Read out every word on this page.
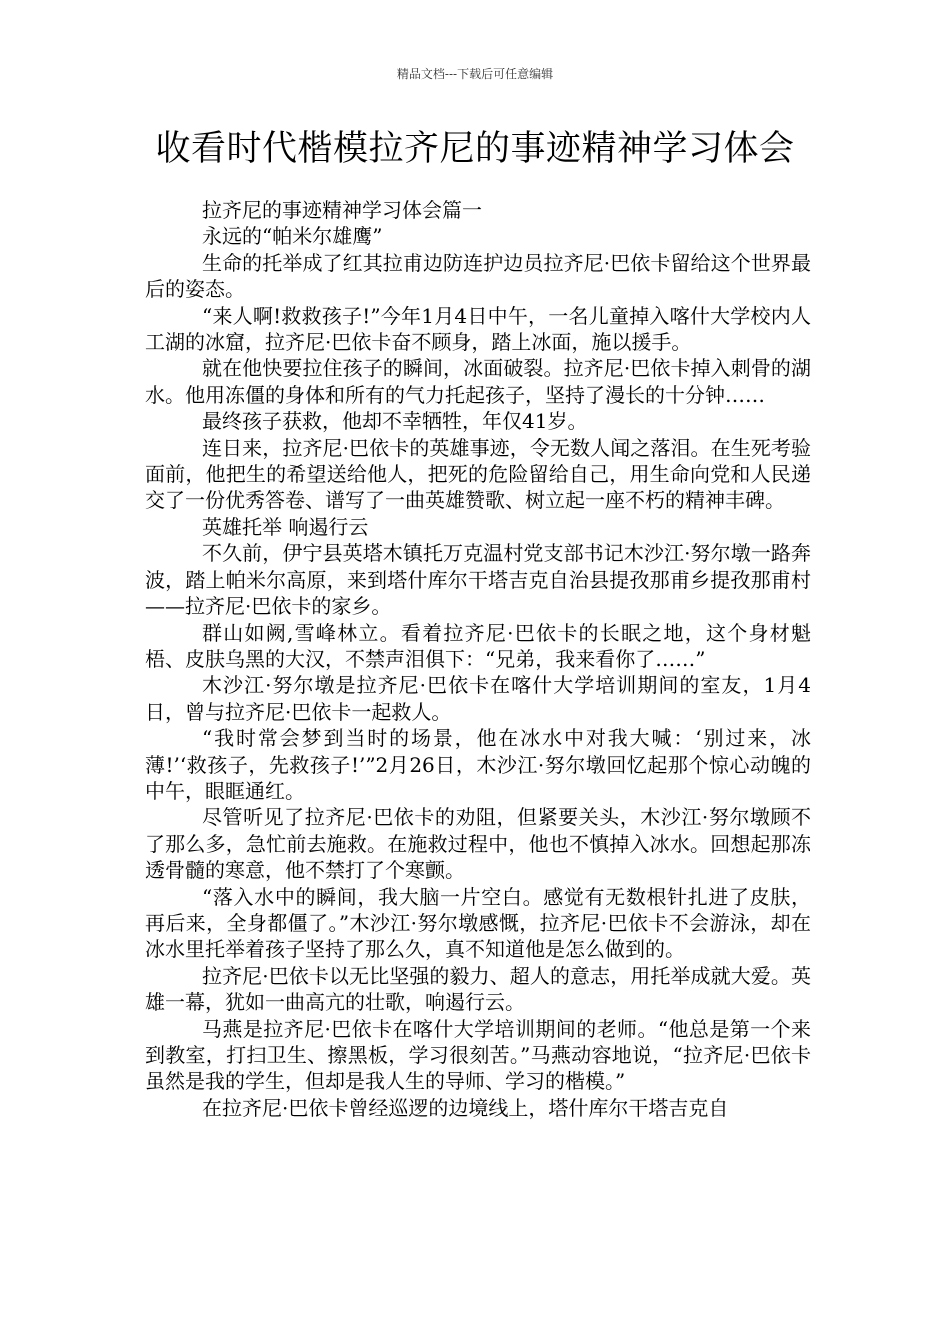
精品文档---下载后可任意编辑
收看时代楷模拉齐尼的事迹精神学习体会

拉齐尼的事迹精神学习体会篇一

永远的“帕米尔雄鹰”

生命的托举成了红其拉甫边防连护边员拉齐尼·巴依卡留给这个世界最后的姿态。

“来人啊!救救孩子!”今年1月4日中午，一名儿童掉入喀什大学校内人工湖的冰窟，拉齐尼·巴依卡奋不顾身，踏上冰面，施以援手。

就在他快要拉住孩子的瞬间，冰面破裂。拉齐尼·巴依卡掉入刺骨的湖水。他用冻僵的身体和所有的气力托起孩子，坚持了漫长的十分钟……

最终孩子获救，他却不幸牺牲，年仅41岁。

连日来，拉齐尼·巴依卡的英雄事迹，令无数人闻之落泪。在生死考验面前，他把生的希望送给他人，把死的危险留给自己，用生命向党和人民递交了一份优秀答卷、谱写了一曲英雄赞歌、树立起一座不朽的精神丰碑。

英雄托举 响遏行云

不久前，伊宁县英塔木镇托万克温村党支部书记木沙江·努尔墩一路奔波，踏上帕米尔高原，来到塔什库尔干塔吉克自治县提孜那甫乡提孜那甫村——拉齐尼·巴依卡的家乡。

群山如阙,雪峰林立。看着拉齐尼·巴依卡的长眠之地，这个身材魁梧、皮肤乌黑的大汉，不禁声泪俱下：“兄弟，我来看你了……”

木沙江·努尔墩是拉齐尼·巴依卡在喀什大学培训期间的室友，1月4日，曾与拉齐尼·巴依卡一起救人。

“我时常会梦到当时的场景，他在冰水中对我大喊：‘别过来，冰薄!’‘救孩子，先救孩子!’”2月26日，木沙江·努尔墩回忆起那个惊心动魄的中午，眼眶通红。

尽管听见了拉齐尼·巴依卡的劝阻，但紧要关头，木沙江·努尔墩顾不了那么多，急忙前去施救。在施救过程中，他也不慎掉入冰水。回想起那冻透骨髓的寒意，他不禁打了个寒颤。

“落入水中的瞬间，我大脑一片空白。感觉有无数根针扎进了皮肤，再后来，全身都僵了。”木沙江·努尔墩感慨，拉齐尼·巴依卡不会游泳，却在冰水里托举着孩子坚持了那么久，真不知道他是怎么做到的。

拉齐尼·巴依卡以无比坚强的毅力、超人的意志，用托举成就大爱。英雄一幕，犹如一曲高亢的壮歌，响遏行云。

马燕是拉齐尼·巴依卡在喀什大学培训期间的老师。“他总是第一个来到教室，打扫卫生、擦黑板，学习很刻苦。”马燕动容地说，“拉齐尼·巴依卡虽然是我的学生，但却是我人生的导师、学习的楷模。”

在拉齐尼·巴依卡曾经巡逻的边境线上，塔什库尔干塔吉克自
